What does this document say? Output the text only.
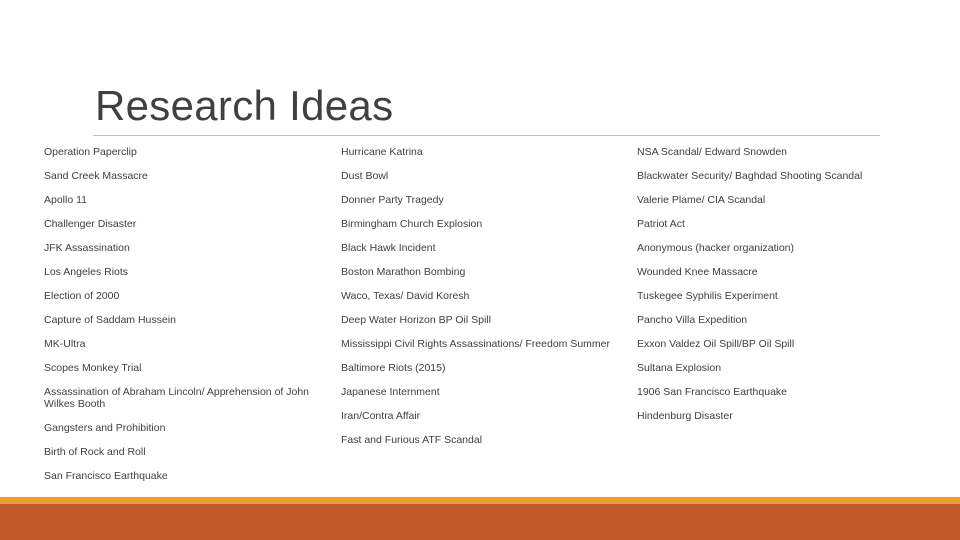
Research Ideas
Operation Paperclip
Sand Creek Massacre
Apollo 11
Challenger Disaster
JFK Assassination
Los Angeles Riots
Election of 2000
Capture of Saddam Hussein
MK-Ultra
Scopes Monkey Trial
Assassination of Abraham Lincoln/ Apprehension of John Wilkes Booth
Gangsters and Prohibition
Birth of Rock and Roll
San Francisco Earthquake
Hurricane Katrina
Dust Bowl
Donner Party Tragedy
Birmingham Church Explosion
Black Hawk Incident
Boston Marathon Bombing
Waco, Texas/ David Koresh
Deep Water Horizon BP Oil Spill
Mississippi Civil Rights Assassinations/ Freedom Summer
Baltimore Riots (2015)
Japanese Internment
Iran/Contra Affair
Fast and Furious ATF Scandal
NSA Scandal/ Edward Snowden
Blackwater Security/ Baghdad Shooting Scandal
Valerie Plame/ CIA Scandal
Patriot Act
Anonymous (hacker organization)
Wounded Knee Massacre
Tuskegee Syphilis Experiment
Pancho Villa Expedition
Exxon Valdez Oil Spill/BP Oil Spill
Sultana Explosion
1906 San Francisco Earthquake
Hindenburg Disaster
